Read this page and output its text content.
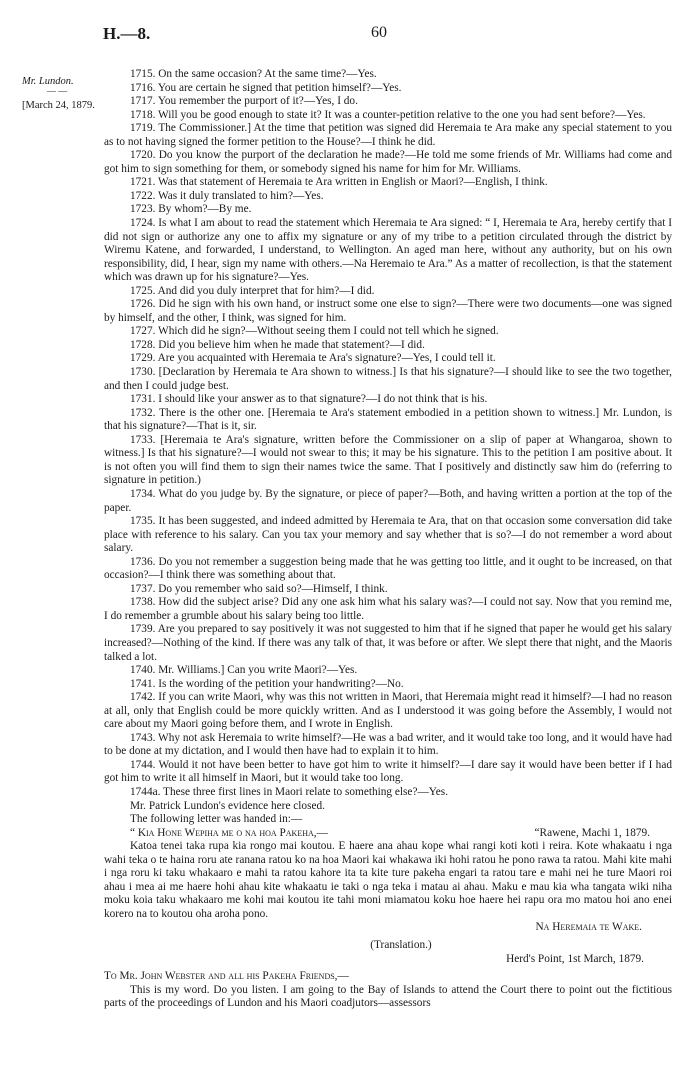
H.—8.	60
Mr. Lundon.
— —
[March 24, 1879.

1715. On the same occasion? At the same time?—Yes.

1716. You are certain he signed that petition himself?—Yes.

1717. You remember the purport of it?—Yes, I do.

1718. Will you be good enough to state it? It was a counter-petition relative to the one you had sent before?—Yes.

1719. The Commissioner.] At the time that petition was signed did Heremaia te Ara make any special statement to you as to not having signed the former petition to the House?—I think he did.

1720. Do you know the purport of the declaration he made?—He told me some friends of Mr. Williams had come and got him to sign something for them, or somebody signed his name for him for Mr. Williams.

1721. Was that statement of Heremaia te Ara written in English or Maori?—English, I think.

1722. Was it duly translated to him?—Yes.

1723. By whom?—By me.

1724. Is what I am about to read the statement which Heremaia te Ara signed: “ I, Heremaia te Ara, hereby certify that I did not sign or authorize any one to affix my signature or any of my tribe to a petition circulated through the district by Wiremu Katene, and forwarded, I understand, to Wellington. An aged man here, without any authority, but on his own responsibility, did, I hear, sign my name with others.—Na Heremaio te Ara.” As a matter of recollection, is that the statement which was drawn up for his signature?—Yes.

1725. And did you duly interpret that for him?—I did.

1726. Did he sign with his own hand, or instruct some one else to sign?—There were two documents—one was signed by himself, and the other, I think, was signed for him.

1727. Which did he sign?—Without seeing them I could not tell which he signed.

1728. Did you believe him when he made that statement?—I did.

1729. Are you acquainted with Heremaia te Ara's signature?—Yes, I could tell it.

1730. [Declaration by Heremaia te Ara shown to witness.] Is that his signature?—I should like to see the two together, and then I could judge best.

1731. I should like your answer as to that signature?—I do not think that is his.

1732. There is the other one. [Heremaia te Ara's statement embodied in a petition shown to witness.] Mr. Lundon, is that his signature?—That is it, sir.

1733. [Heremaia te Ara's signature, written before the Commissioner on a slip of paper at Whangaroa, shown to witness.] Is that his signature?—I would not swear to this; it may be his signature. This to the petition I am positive about. It is not often you will find them to sign their names twice the same. That I positively and distinctly saw him do (referring to signature in petition.)

1734. What do you judge by. By the signature, or piece of paper?—Both, and having written a portion at the top of the paper.

1735. It has been suggested, and indeed admitted by Heremaia te Ara, that on that occasion some conversation did take place with reference to his salary. Can you tax your memory and say whether that is so?—I do not remember a word about salary.

1736. Do you not remember a suggestion being made that he was getting too little, and it ought to be increased, on that occasion?—I think there was something about that.

1737. Do you remember who said so?—Himself, I think.

1738. How did the subject arise? Did any one ask him what his salary was?—I could not say. Now that you remind me, I do remember a grumble about his salary being too little.

1739. Are you prepared to say positively it was not suggested to him that if he signed that paper he would get his salary increased?—Nothing of the kind. If there was any talk of that, it was before or after. We slept there that night, and the Maoris talked a lot.

1740. Mr. Williams.] Can you write Maori?—Yes.

1741. Is the wording of the petition your handwriting?—No.

1742. If you can write Maori, why was this not written in Maori, that Heremaia might read it himself?—I had no reason at all, only that English could be more quickly written. And as I understood it was going before the Assembly, I would not care about my Maori going before them, and I wrote in English.

1743. Why not ask Heremaia to write himself?—He was a bad writer, and it would take too long, and it would have had to be done at my dictation, and I would then have had to explain it to him.

1744. Would it not have been better to have got him to write it himself?—I dare say it would have been better if I had got him to write it all himself in Maori, but it would take too long.

1744a. These three first lines in Maori relate to something else?—Yes.

Mr. Patrick Lundon's evidence here closed.

The following letter was handed in:—

“ Kia Hone Wepiha me o na hoa Pakeha,—	“Rawene, Machi 1, 1879.

Katoa tenei taka rupa kia rongo mai koutou. E haere ana ahau kope whai rangi koti koti i reira. Kote whakaatu i nga wahi teka o te haina roru ate ranana ratou ko na hoa Maori kai whakawa iki hohi ratou he pono rawa ta ratou. Mahi kite mahi i nga roru ki taku whakaaro e mahi ta ratou kahore ita ta kite ture pakeha engari ta ratou tare e mahi nei he ture Maori roi ahau i mea ai me haere hohi ahau kite whakaatu ie taki o nga teka i matau ai ahau. Maku e mau kia wha tangata wiki niha moku koia taku whakaaro me kohi mai koutou ite tahi moni miamatou koku hoe haere hei rapu ora mo matou hoi ano enei korero na to koutou oha aroha pono.

Na Heremaia te Wake.

(Translation.)

Herd's Point, 1st March, 1879.

To Mr. John Webster and all his Pakeha Friends,—

This is my word. Do you listen. I am going to the Bay of Islands to attend the Court there to point out the fictitious parts of the proceedings of Lundon and his Maori coadjutors—assessors
